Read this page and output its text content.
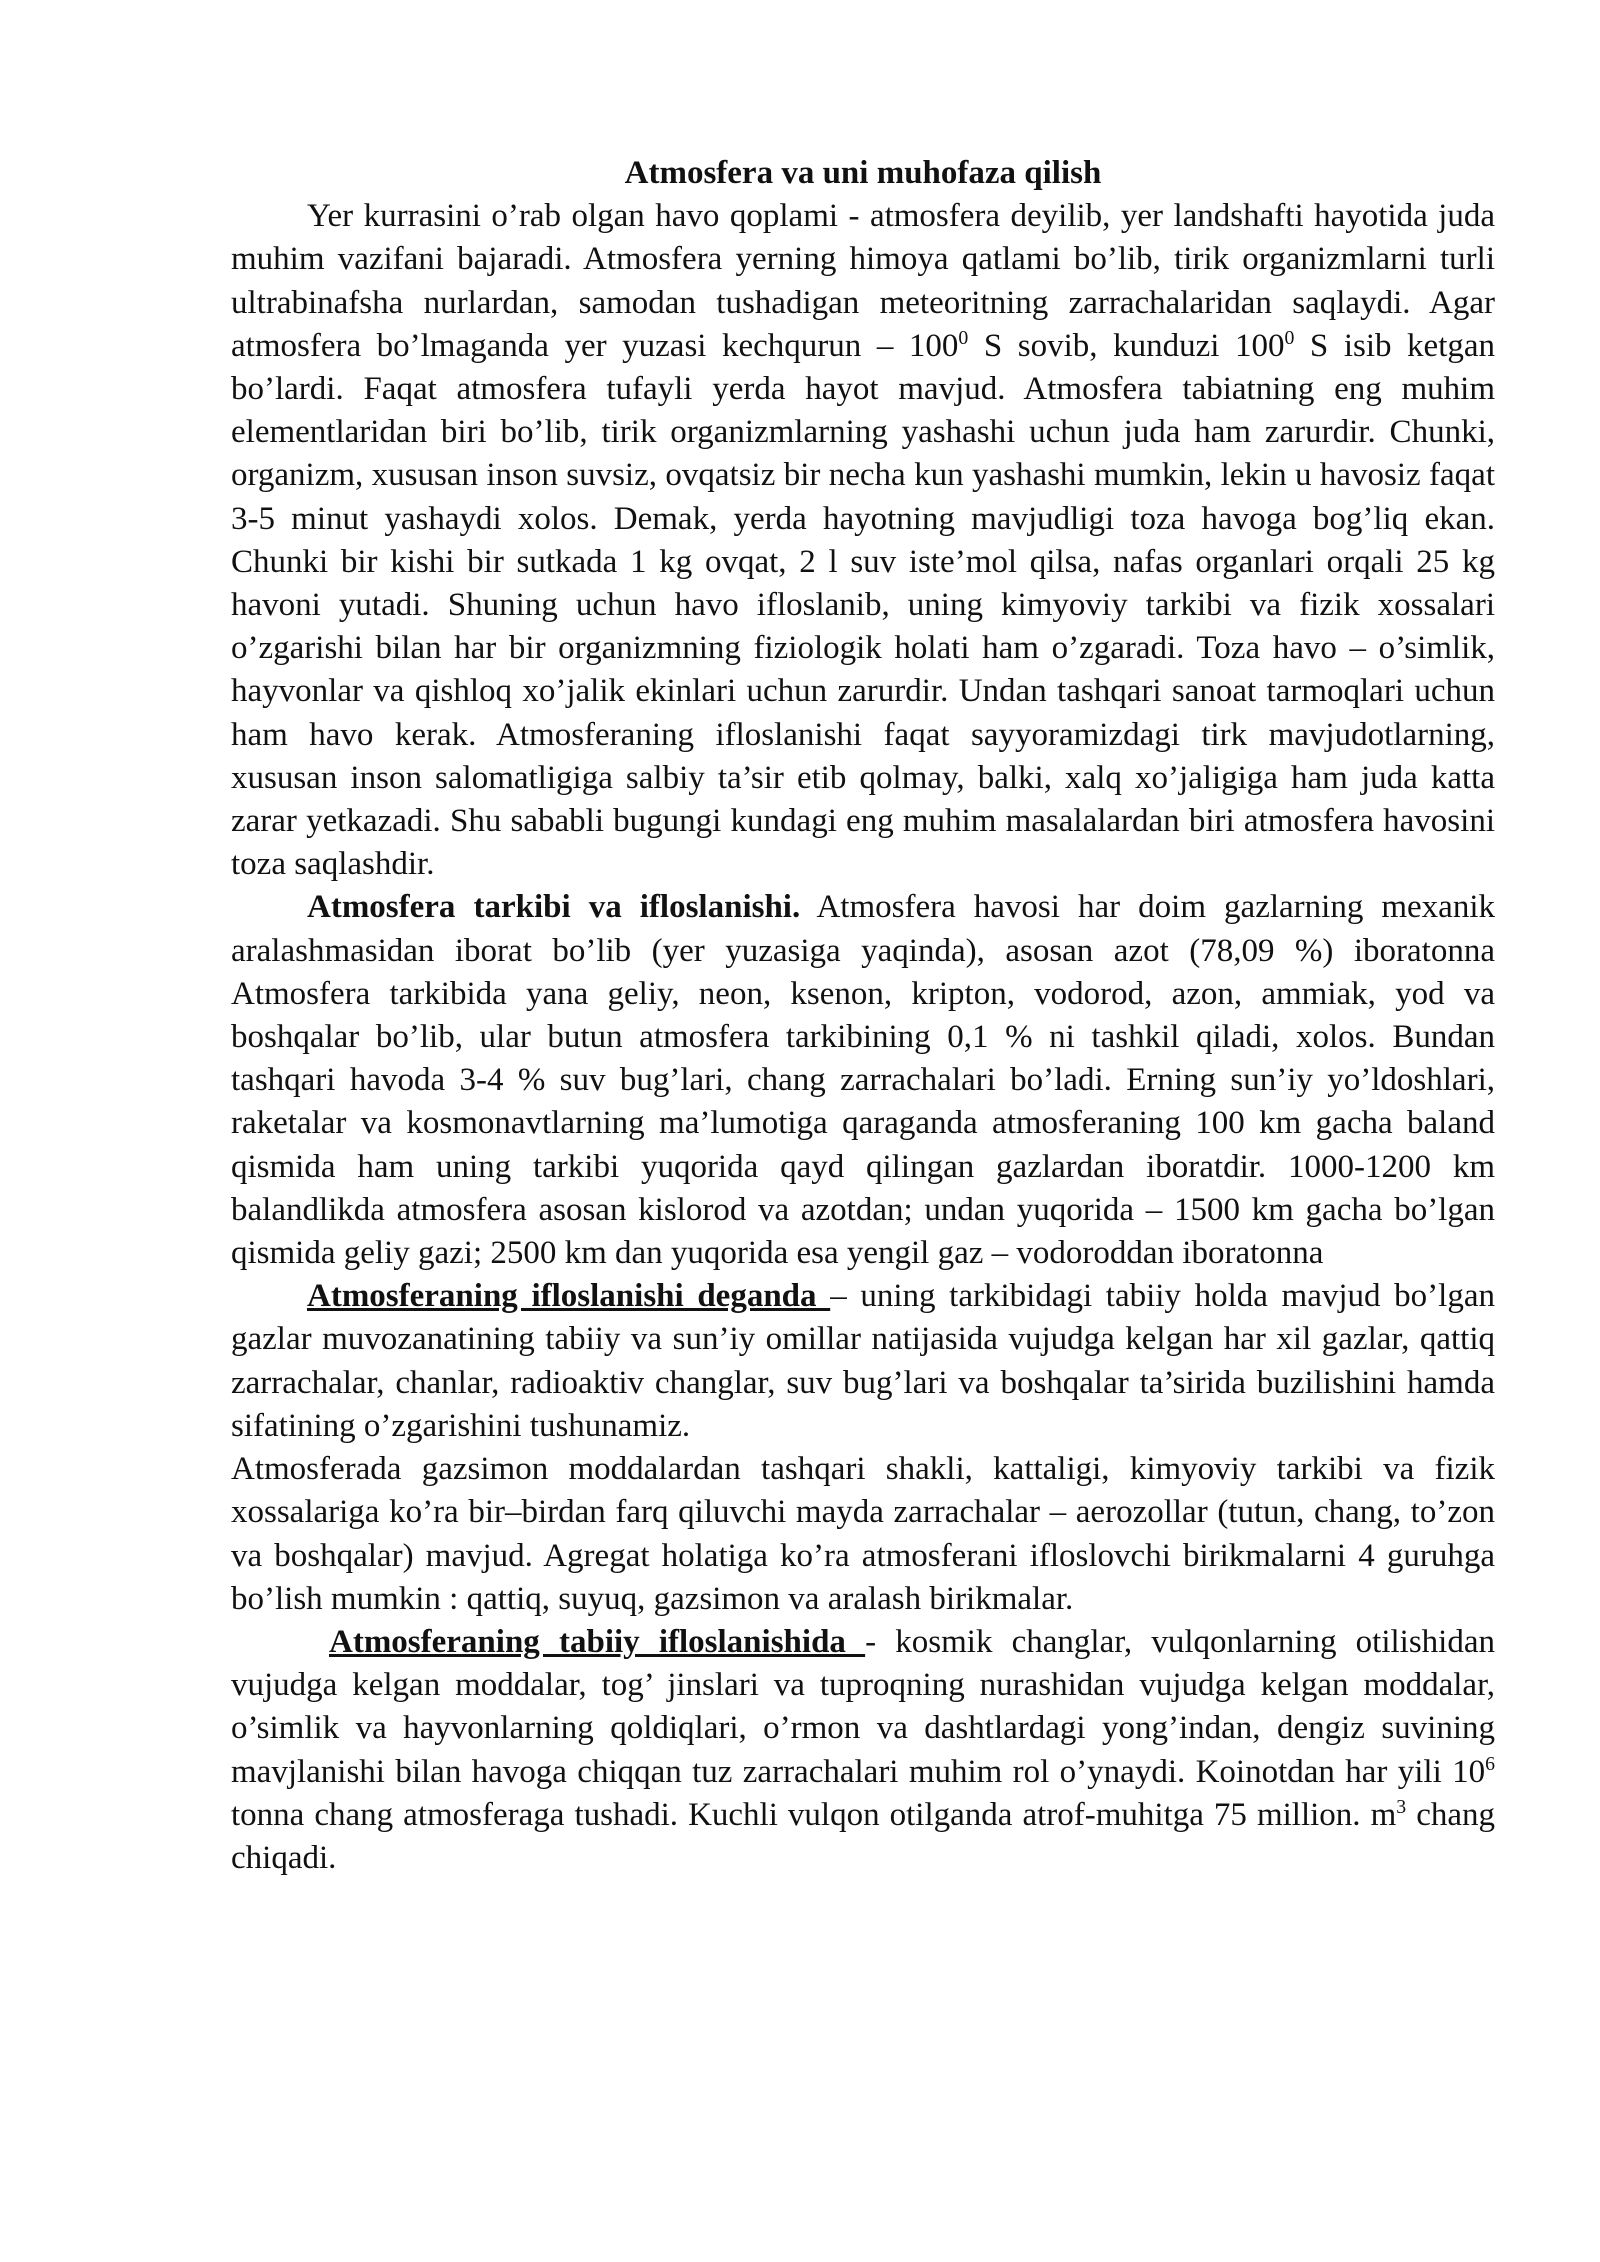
Atmosfera va uni muhofaza qilish

Yer kurrasini o’rab olgan havo qoplami - atmosfera deyilib, yer landshafti hayotida juda muhim vazifani bajaradi. Atmosfera yerning himoya qatlami bo’lib, tirik organizmlarni turli ultrabinafsha nurlardan, samodan tushadigan meteoritning zarrachalaridan saqlaydi. Agar atmosfera bo’lmaganda yer yuzasi kechqurun – $100^0$ S sovib, kunduzi $100^0$ S isib ketgan bo’lardi. Faqat atmosfera tufayli yerda hayot mavjud. Atmosfera tabiatning eng muhim elementlaridan biri bo’lib, tirik organizmlarning yashashi uchun juda ham zarurdir. Chunki, organizm, xususan inson suvsiz, ovqatsiz bir necha kun yashashi mumkin, lekin u havosiz faqat 3-5 minut yashaydi xolos. Demak, yerda hayotning mavjudligi toza havoga bog’liq ekan. Chunki bir kishi bir sutkada 1 kg ovqat, 2 l suv iste’mol qilsa, nafas organlari orqali 25 kg havoni yutadi. Shuning uchun havo ifloslanib, uning kimyoviy tarkibi va fizik xossalari o’zgarishi bilan har bir organizmning fiziologik holati ham o’zgaradi. Toza havo – o’simlik, hayvonlar va qishloq xo’jalik ekinlari uchun zarurdir. Undan tashqari sanoat tarmoqlari uchun ham havo kerak. Atmosferaning ifloslanishi faqat sayyoramizdagi tirk mavjudotlarning, xususan inson salomatligiga salbiy ta’sir etib qolmay, balki, xalq xo’jaligiga ham juda katta zarar yetkazadi. Shu sababli bugungi kundagi eng muhim masalalardan biri atmosfera havosini toza saqlashdir.

Atmosfera tarkibi va ifloslanishi. Atmosfera havosi har doim gazlarning mexanik aralashmasidan iborat bo’lib (yer yuzasiga yaqinda), asosan azot (78,09 %) iboratonna Atmosfera tarkibida yana geliy, neon, ksenon, kripton, vodorod, azon, ammiak, yod va boshqalar bo’lib, ular butun atmosfera tarkibining 0,1 % ni tashkil qiladi, xolos. Bundan tashqari havoda 3-4 % suv bug’lari, chang zarrachalari bo’ladi. Erning sun’iy yo’ldoshlari, raketalar va kosmonavtlarning ma’lumotiga qaraganda atmosferaning 100 km gacha baland qismida ham uning tarkibi yuqorida qayd qilingan gazlardan iboratdir. 1000-1200 km balandlikda atmosfera asosan kislorod va azotdan; undan yuqorida – 1500 km gacha bo’lgan qismida geliy gazi; 2500 km dan yuqorida esa yengil gaz – vodoroddan iboratonna

Atmosferaning ifloslanishi deganda – uning tarkibidagi tabiiy holda mavjud bo’lgan gazlar muvozanatining tabiiy va sun’iy omillar natijasida vujudga kelgan har xil gazlar, qattiq zarrachalar, chanlar, radioaktiv changlar, suv bug’lari va boshqalar ta’sirida buzilishini hamda sifatining o’zgarishini tushunamiz.

Atmosferada gazsimon moddalardan tashqari shakli, kattaligi, kimyoviy tarkibi va fizik xossalariga ko’ra bir–birdan farq qiluvchi mayda zarrachalar – aerozollar (tutun, chang, to’zon va boshqalar) mavjud. Agregat holatiga ko’ra atmosferani ifloslovchi birikmalarni 4 guruhga bo’lish mumkin : qattiq, suyuq, gazsimon va aralash birikmalar.

Atmosferaning tabiiy ifloslanishida - kosmik changlar, vulqonlarning otilishidan vujudga kelgan moddalar, tog’ jinslari va tuproqning nurashidan vujudga kelgan moddalar, o’simlik va hayvonlarning qoldiqlari, o’rmon va dashtlardagi yong’indan, dengiz suvining mavjlanishi bilan havoga chiqqan tuz zarrachalari muhim rol o’ynaydi. Koinotdan har yili $10^6$ tonna chang atmosferaga tushadi. Kuchli vulqon otilganda atrof-muhitga 75 million. $m^3$ chang chiqadi.
